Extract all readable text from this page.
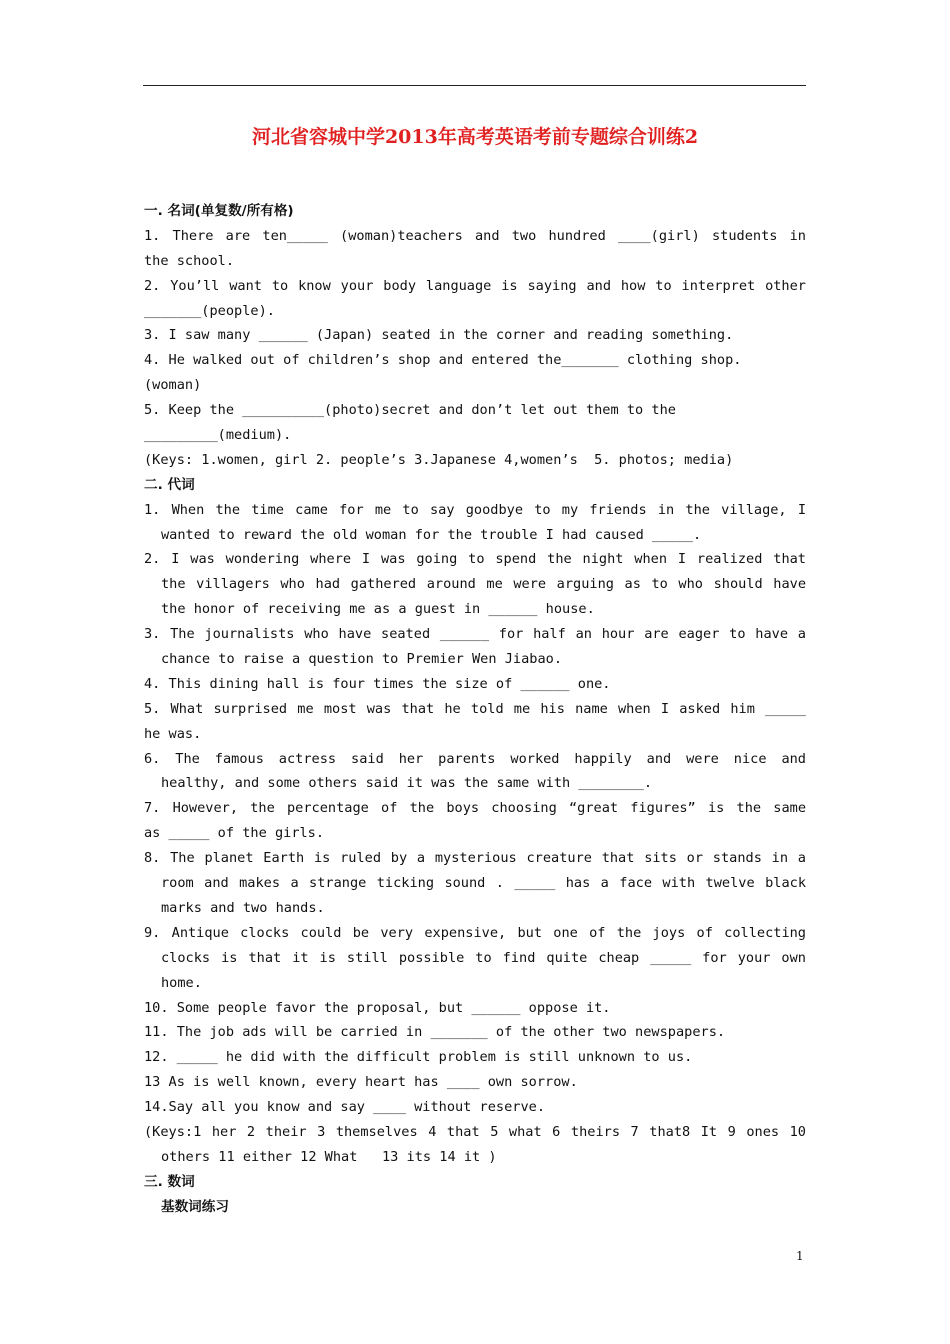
河北省容城中学2013年高考英语考前专题综合训练2
一. 名词(单复数/所有格)
1. There are ten_____ (woman)teachers and two hundred ____(girl) students in
the school.
2. You’ll want to know your body language is saying and how to interpret other
_______(people).
3. I saw many ______ (Japan) seated in the corner and reading something.
4. He walked out of children’s shop and entered the_______ clothing shop.
(woman)
5. Keep the __________(photo)secret and don’t let out them to the
_________(medium).
(Keys: 1.women, girl 2. people’s 3.Japanese 4,women’s  5. photos; media)
二. 代词
1. When the time came for me to say goodbye to my friends in the village, I
wanted to reward the old woman for the trouble I had caused _____.
2. I was wondering where I was going to spend the night when I realized that
the villagers who had gathered around me were arguing as to who should have
the honor of receiving me as a guest in ______ house.
3. The journalists who have seated ______ for half an hour are eager to have a
chance to raise a question to Premier Wen Jiabao.
4. This dining hall is four times the size of ______ one.
5. What surprised me most was that he told me his name when I asked him _____
he was.
6. The famous actress said her parents worked happily and were nice and
healthy, and some others said it was the same with ________.
7. However, the percentage of the boys choosing “great figures” is the same
as _____ of the girls.
8. The planet Earth is ruled by a mysterious creature that sits or stands in a
room and makes a strange ticking sound . _____ has a face with twelve black
marks and two hands.
9. Antique clocks could be very expensive, but one of the joys of collecting
clocks is that it is still possible to find quite cheap _____ for your own
home.
10. Some people favor the proposal, but ______ oppose it.
11. The job ads will be carried in _______ of the other two newspapers.
12. _____ he did with the difficult problem is still unknown to us.
13 As is well known, every heart has ____ own sorrow.
14.Say all you know and say ____ without reserve.
(Keys:1 her 2 their 3 themselves 4 that 5 what 6 theirs 7 that8 It 9 ones 10
others 11 either 12 What   13 its 14 it )
三. 数词
基数词练习
1
